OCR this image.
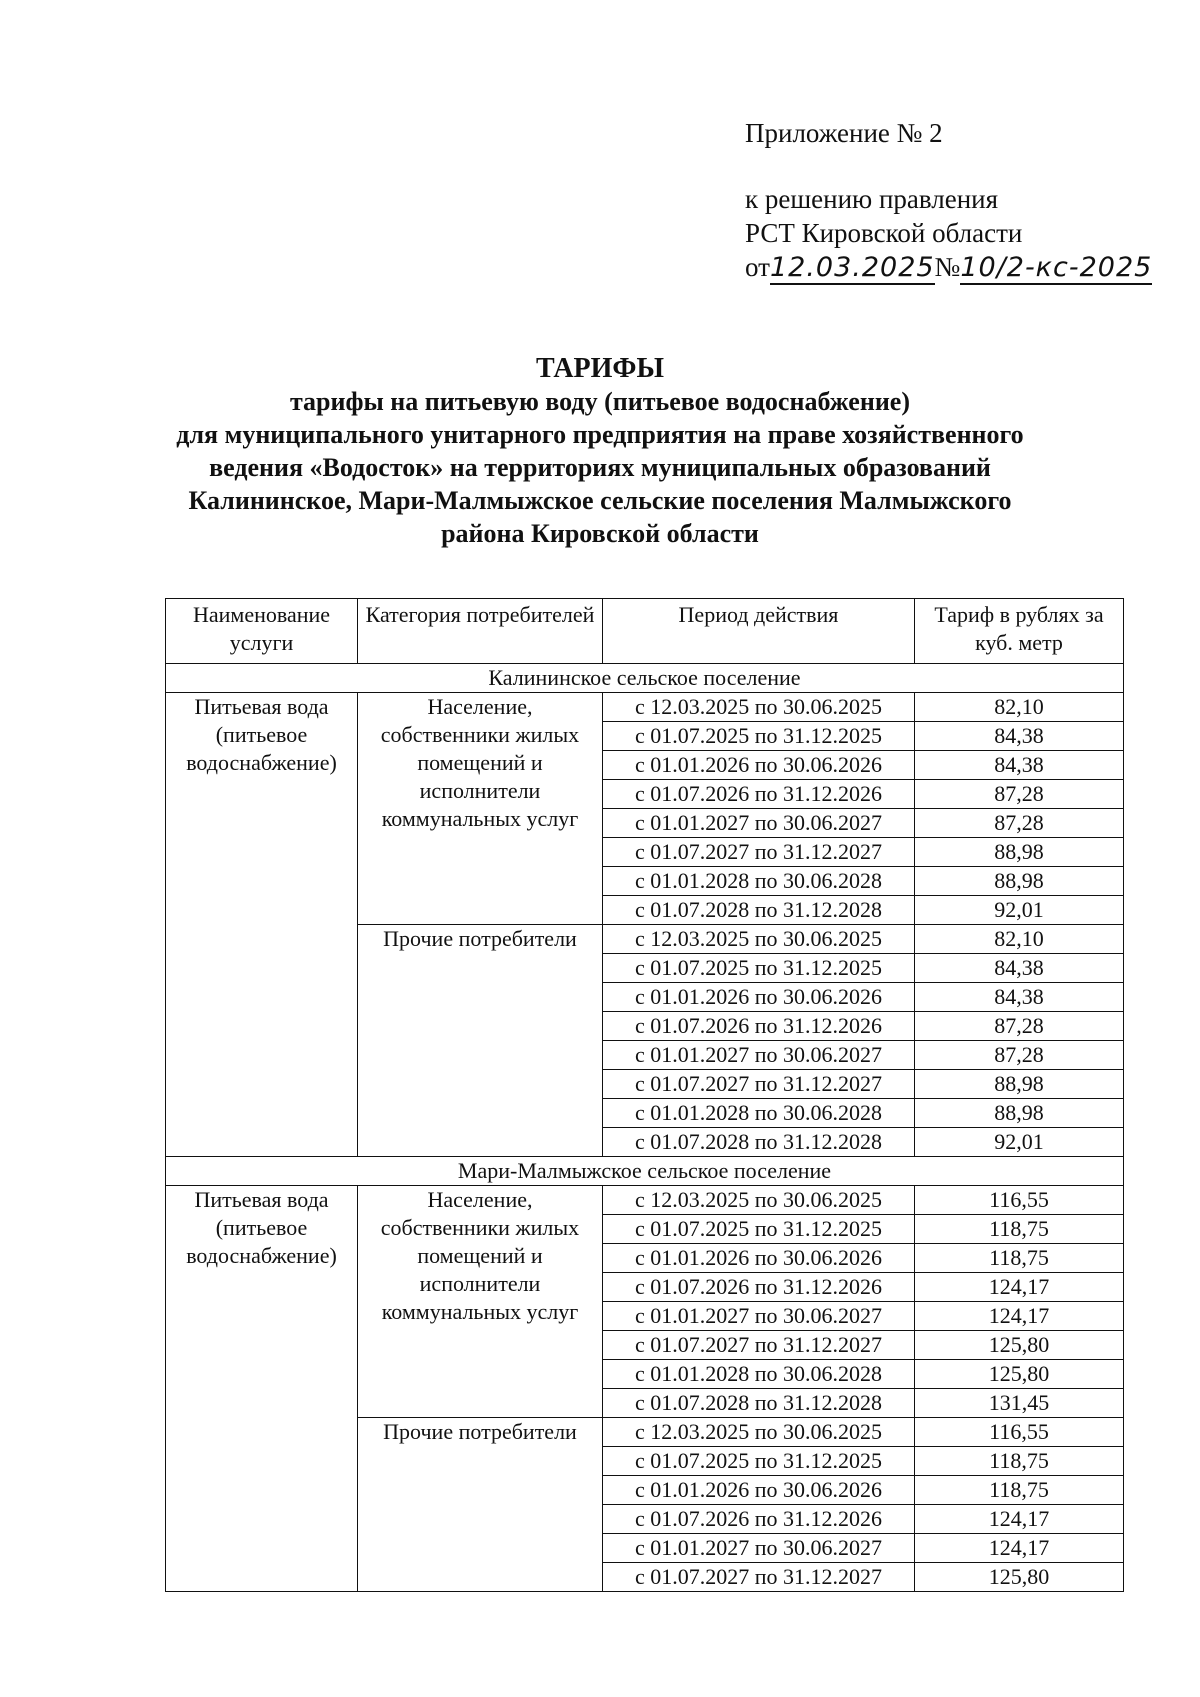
Приложение № 2
к решению правления
РСТ Кировской области
от12.03.2025№10/2-кс-2025
ТАРИФЫ
тарифы на питьевую воду (питьевое водоснабжение)
для муниципального унитарного предприятия на праве хозяйственного
ведения «Водосток» на территориях муниципальных образований
Калининское, Мари-Малмыжское сельские поселения Малмыжского
района Кировской области
Наименование услуги	Категория потребителей	Период действия	Тариф в рублях за куб. метр
Калининское сельское поселение			
Питьевая вода (питьевое водоснабжение)	Население, собственники жилых помещений и исполнители коммунальных услуг	с 12.03.2025 по 30.06.2025	82,10
		с 01.07.2025 по 31.12.2025	84,38
		с 01.01.2026 по 30.06.2026	84,38
		с 01.07.2026 по 31.12.2026	87,28
		с 01.01.2027 по 30.06.2027	87,28
		с 01.07.2027 по 31.12.2027	88,98
		с 01.01.2028 по 30.06.2028	88,98
		с 01.07.2028 по 31.12.2028	92,01
	Прочие потребители	с 12.03.2025 по 30.06.2025	82,10
		с 01.07.2025 по 31.12.2025	84,38
		с 01.01.2026 по 30.06.2026	84,38
		с 01.07.2026 по 31.12.2026	87,28
		с 01.01.2027 по 30.06.2027	87,28
		с 01.07.2027 по 31.12.2027	88,98
		с 01.01.2028 по 30.06.2028	88,98
		с 01.07.2028 по 31.12.2028	92,01
Мари-Малмыжское сельское поселение			
Питьевая вода (питьевое водоснабжение)	Население, собственники жилых помещений и исполнители коммунальных услуг	с 12.03.2025 по 30.06.2025	116,55
		с 01.07.2025 по 31.12.2025	118,75
		с 01.01.2026 по 30.06.2026	118,75
		с 01.07.2026 по 31.12.2026	124,17
		с 01.01.2027 по 30.06.2027	124,17
		с 01.07.2027 по 31.12.2027	125,80
		с 01.01.2028 по 30.06.2028	125,80
		с 01.07.2028 по 31.12.2028	131,45
	Прочие потребители	с 12.03.2025 по 30.06.2025	116,55
		с 01.07.2025 по 31.12.2025	118,75
		с 01.01.2026 по 30.06.2026	118,75
		с 01.07.2026 по 31.12.2026	124,17
		с 01.01.2027 по 30.06.2027	124,17
		с 01.07.2027 по 31.12.2027	125,80
